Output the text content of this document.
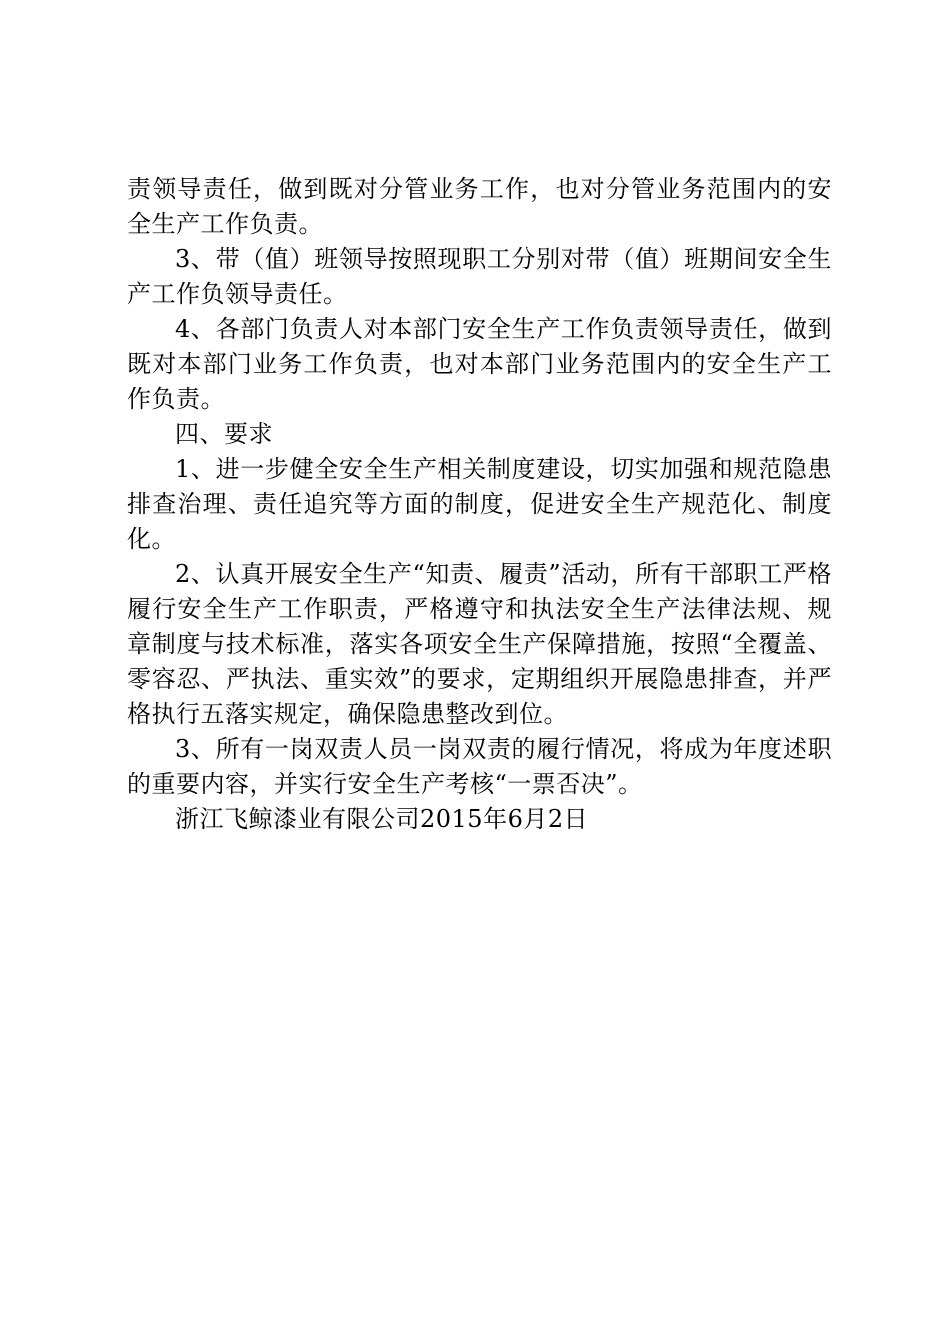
责领导责任，做到既对分管业务工作，也对分管业务范围内的安全生产工作负责。

3、带（值）班领导按照现职工分别对带（值）班期间安全生产工作负领导责任。

4、各部门负责人对本部门安全生产工作负责领导责任，做到既对本部门业务工作负责，也对本部门业务范围内的安全生产工作负责。

四、要求

1、进一步健全安全生产相关制度建设，切实加强和规范隐患排查治理、责任追究等方面的制度，促进安全生产规范化、制度化。

2、认真开展安全生产“知责、履责”活动，所有干部职工严格履行安全生产工作职责，严格遵守和执法安全生产法律法规、规章制度与技术标准，落实各项安全生产保障措施，按照“全覆盖、零容忍、严执法、重实效”的要求，定期组织开展隐患排查，并严格执行五落实规定，确保隐患整改到位。

3、所有一岗双责人员一岗双责的履行情况，将成为年度述职的重要内容，并实行安全生产考核“一票否决”。

浙江飞鲸漆业有限公司2015年6月2日
